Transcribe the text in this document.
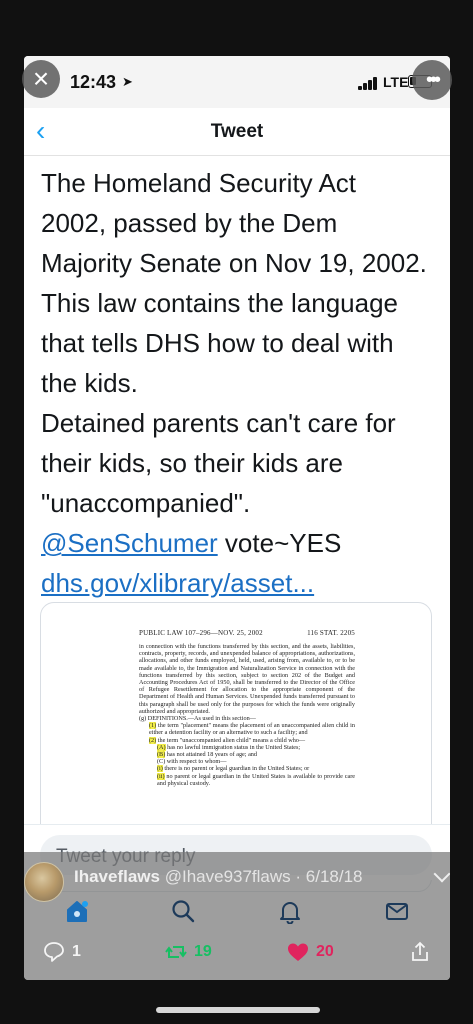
12:43 ➤	LTE
‹	Tweet

The Homeland Security Act
2002, passed by the Dem
Majority Senate on Nov 19, 2002.
This law contains the language
that tells DHS how to deal with
the kids.
Detained parents can't care for
their kids, so their kids are
"unaccompanied".

@SenSchumer vote~YES

dhs.gov/xlibrary/asset...

PUBLIC LAW 107–296—NOV. 25, 2002	116 STAT. 2205
in connection with the functions transferred by this section, and the assets, liabilities, contracts, property, records, and unexpended balance of appropriations, authorizations, allocations, and other funds employed, held, used, arising from, available to, or to be made available to, the Immigration and Naturalization Service in connection with the functions transferred by this section, subject to section 202 of the Budget and Accounting Procedures Act of 1950, shall be transferred to the Director of the Office of Refugee Resettlement for allocation to the appropriate component of the Department of Health and Human Services. Unexpended funds transferred pursuant to this paragraph shall be used only for the purposes for which the funds were originally authorized and appropriated.
(g) DEFINITIONS.—As used in this section—
(1) the term "placement" means the placement of an unaccompanied alien child in either a detention facility or an alternative to such a facility; and
(2) the term "unaccompanied alien child" means a child who—
(A) has no lawful immigration status in the United States;
(B) has not attained 18 years of age; and
(C) with respect to whom—
(i) there is no parent or legal guardian in the United States; or
(ii) no parent or legal guardian in the United States is available to provide care and physical custody.
Ihaveflaws @Ihave937flaws · 6/18/18
1	19	20
×	•••
